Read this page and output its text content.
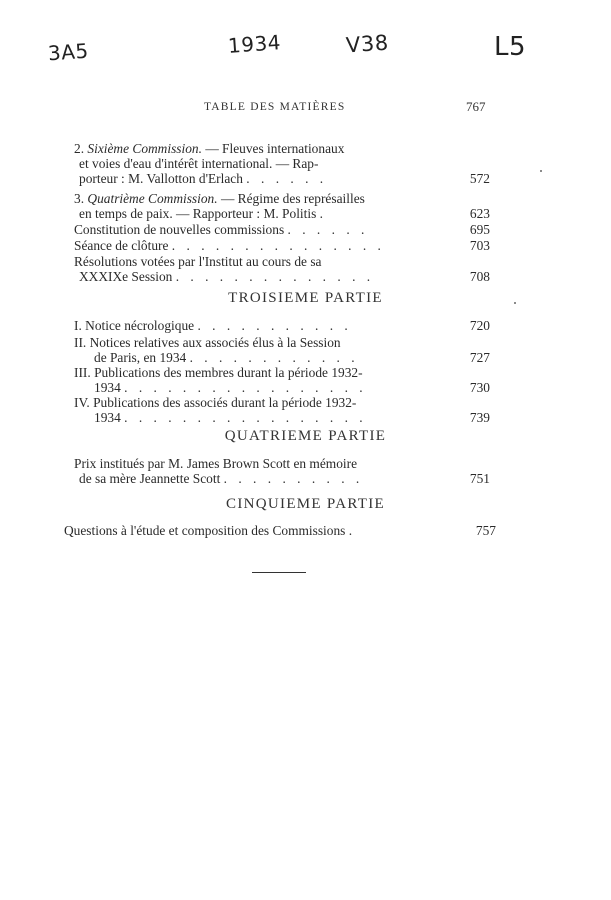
3A5	1934	V38	L5
TABLE DES MATIÈRES	767
2. Sixième Commission. — Fleuves internationaux
et voies d'eau d'intérêt international. — Rap-
porteur : M. Vallotton d'Erlach . . . . . .	572
3. Quatrième Commission. — Régime des représailles
en temps de paix. — Rapporteur : M. Politis .	623
Constitution de nouvelles commissions . . . . . .	695
Séance de clôture . . . . . . . . . . . . . . .	703
Résolutions votées par l'Institut au cours de sa
XXXIXe Session . . . . . . . . . . . . . .	708
TROISIEME PARTIE
I. Notice nécrologique . . . . . . . . . . .	720
II. Notices relatives aux associés élus à la Session
de Paris, en 1934 . . . . . . . . . . . .	727
III. Publications des membres durant la période 1932-
1934 . . . . . . . . . . . . . . . . .	730
IV. Publications des associés durant la période 1932-
1934 . . . . . . . . . . . . . . . . .	739
QUATRIEME PARTIE
Prix institués par M. James Brown Scott en mémoire
de sa mère Jeannette Scott . . . . . . . . . .	751
CINQUIEME PARTIE
Questions à l'étude et composition des Commissions .	757
